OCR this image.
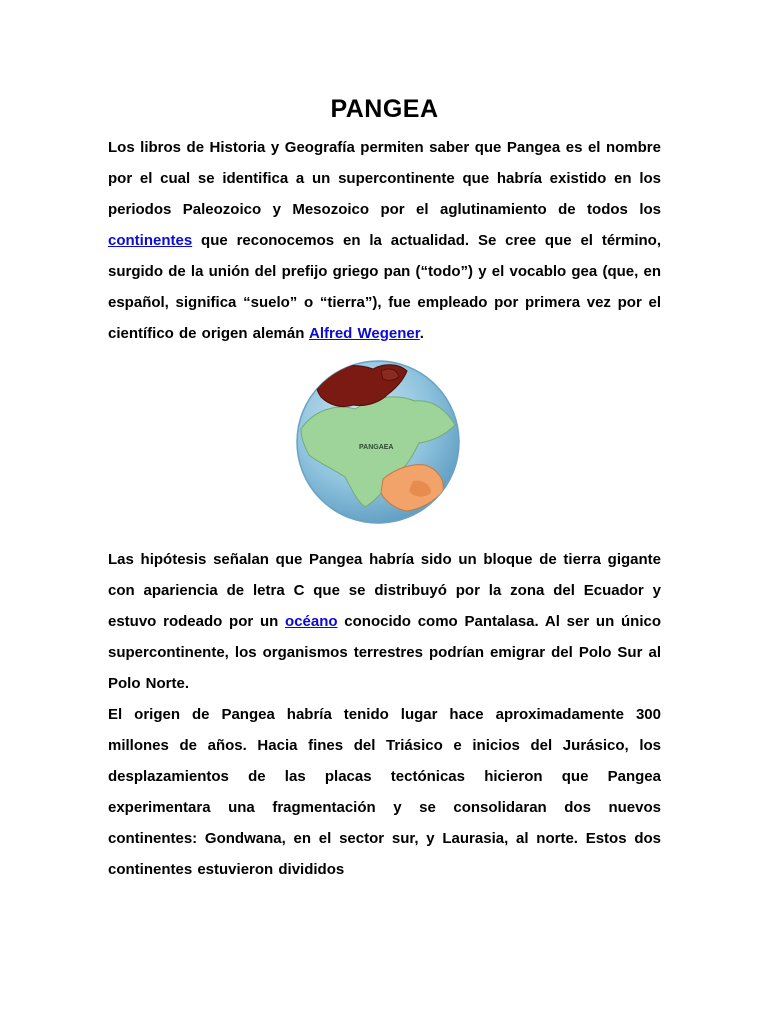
PANGEA

Los libros de Historia y Geografía permiten saber que Pangea es el nombre por el cual se identifica a un supercontinente que habría existido en los periodos Paleozoico y Mesozoico por el aglutinamiento de todos los continentes que reconocemos en la actualidad. Se cree que el término, surgido de la unión del prefijo griego pan (“todo”) y el vocablo gea (que, en español, significa “suelo” o “tierra”), fue empleado por primera vez por el científico de origen alemán Alfred Wegener.

PANGAEA

Las hipótesis señalan que Pangea habría sido un bloque de tierra gigante con apariencia de letra C que se distribuyó por la zona del Ecuador y estuvo rodeado por un océano conocido como Pantalasa. Al ser un único supercontinente, los organismos terrestres podrían emigrar del Polo Sur al Polo Norte.

El origen de Pangea habría tenido lugar hace aproximadamente 300 millones de años. Hacia fines del Triásico e inicios del Jurásico, los desplazamientos de las placas tectónicas hicieron que Pangea experimentara una fragmentación y se consolidaran dos nuevos continentes: Gondwana, en el sector sur, y Laurasia, al norte. Estos dos continentes estuvieron divididos
